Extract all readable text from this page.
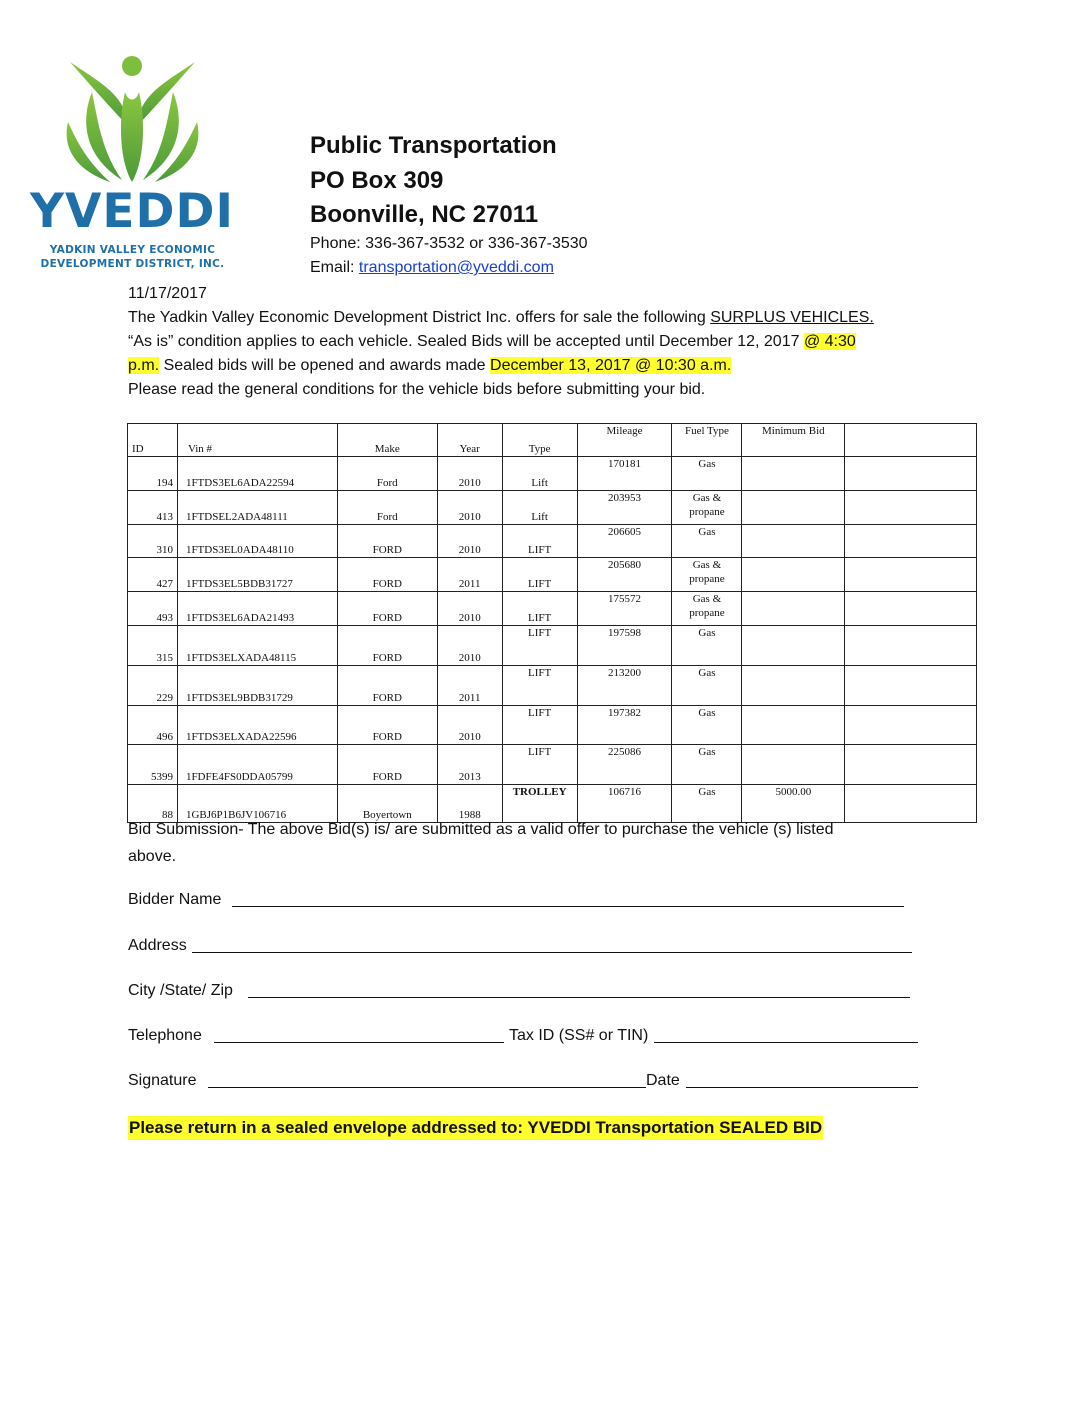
YVEDDI
YADKIN VALLEY ECONOMIC
DEVELOPMENT DISTRICT, INC.
Public Transportation
PO Box 309
Boonville, NC 27011
Phone: 336-367-3532 or 336-367-3530
Email: transportation@yveddi.com
11/17/2017
The Yadkin Valley Economic Development District Inc. offers for sale the following SURPLUS VEHICLES.
“As is” condition applies to each vehicle. Sealed Bids will be accepted until December 12, 2017 @ 4:30
p.m. Sealed bids will be opened and awards made December 13, 2017 @ 10:30 a.m.
Please read the general conditions for the vehicle bids before submitting your bid.
ID	Vin #	Make	Year	Type	Mileage	Fuel Type	Minimum Bid	
194	1FTDS3EL6ADA22594	Ford	2010	Lift	170181	Gas		
413	1FTDSEL2ADA48111	Ford	2010	Lift	203953	Gas & propane		
310	1FTDS3EL0ADA48110	FORD	2010	LIFT	206605	Gas		
427	1FTDS3EL5BDB31727	FORD	2011	LIFT	205680	Gas & propane		
493	1FTDS3EL6ADA21493	FORD	2010	LIFT	175572	Gas & propane		
315	1FTDS3ELXADA48115	FORD	2010	LIFT	197598	Gas		
229	1FTDS3EL9BDB31729	FORD	2011	LIFT	213200	Gas		
496	1FTDS3ELXADA22596	FORD	2010	LIFT	197382	Gas		
5399	1FDFE4FS0DDA05799	FORD	2013	LIFT	225086	Gas		
88	1GBJ6P1B6JV106716	Boyertown	1988	TROLLEY	106716	Gas	5000.00	
Bid Submission- The above Bid(s) is/ are submitted as a valid offer to purchase the vehicle (s) listed
above.
Bidder Name
Address
City /State/ Zip
Telephone	Tax ID (SS# or TIN)
Signature	Date
Please return in a sealed envelope addressed to: YVEDDI Transportation SEALED BID
